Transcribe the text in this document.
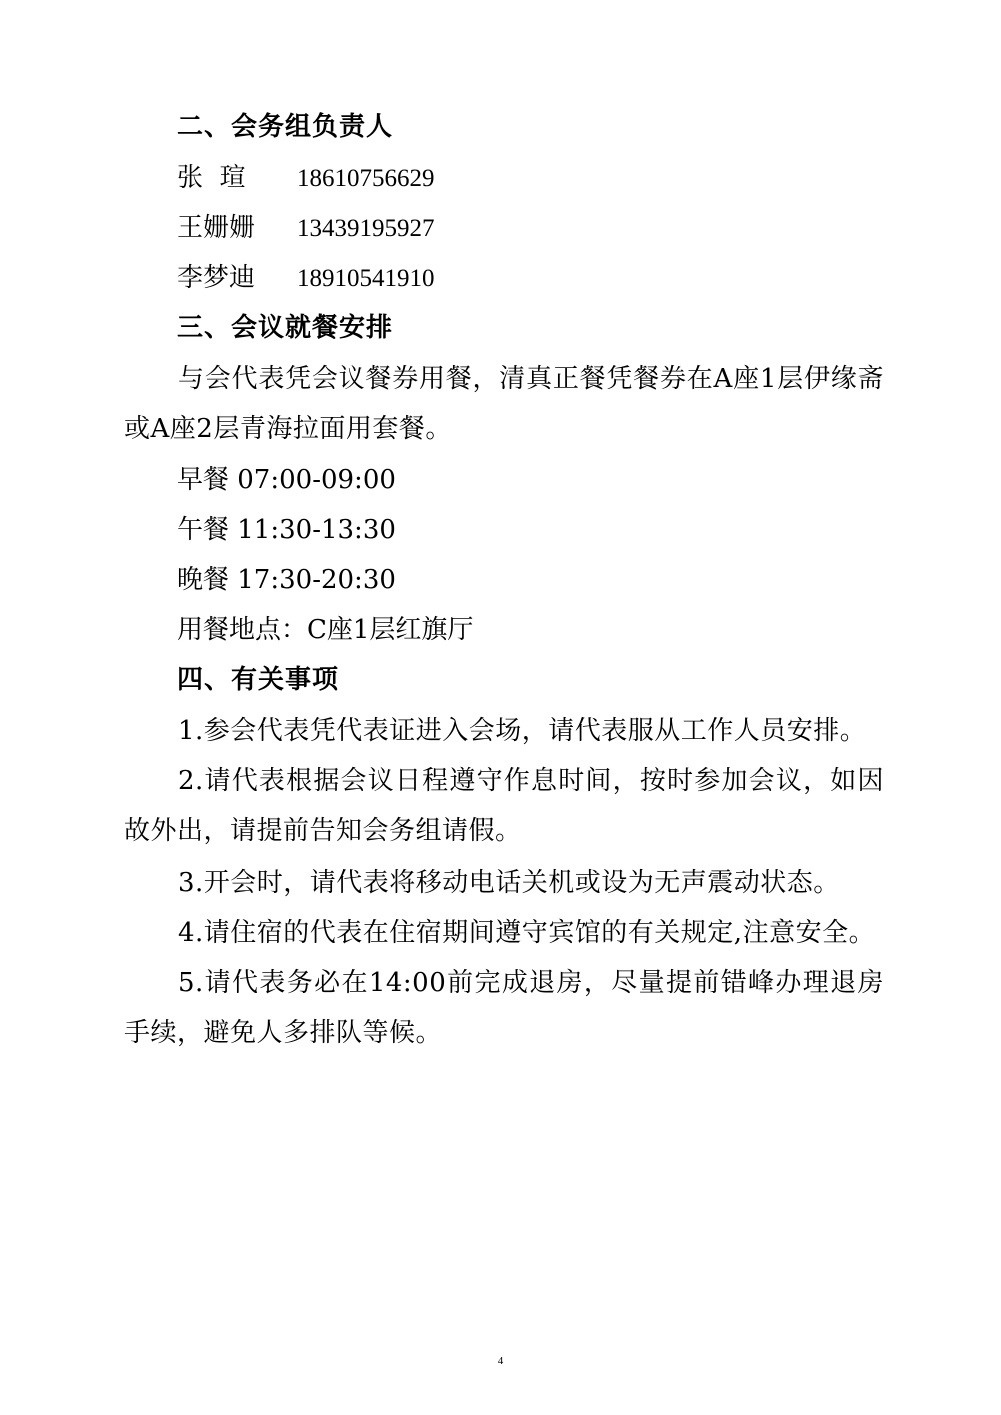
二、会务组负责人
张  瑄 18610756629
王姗姗 13439195927
李梦迪 18910541910
三、会议就餐安排
与会代表凭会议餐券用餐，清真正餐凭餐券在A座1层伊缘斋或A座2层青海拉面用套餐。
早餐 07:00-09:00
午餐 11:30-13:30
晚餐 17:30-20:30
用餐地点：C座1层红旗厅
四、有关事项
1.参会代表凭代表证进入会场，请代表服从工作人员安排。
2.请代表根据会议日程遵守作息时间，按时参加会议，如因故外出，请提前告知会务组请假。
3.开会时，请代表将移动电话关机或设为无声震动状态。
4.请住宿的代表在住宿期间遵守宾馆的有关规定,注意安全。
5.请代表务必在14:00前完成退房，尽量提前错峰办理退房手续，避免人多排队等候。
4
